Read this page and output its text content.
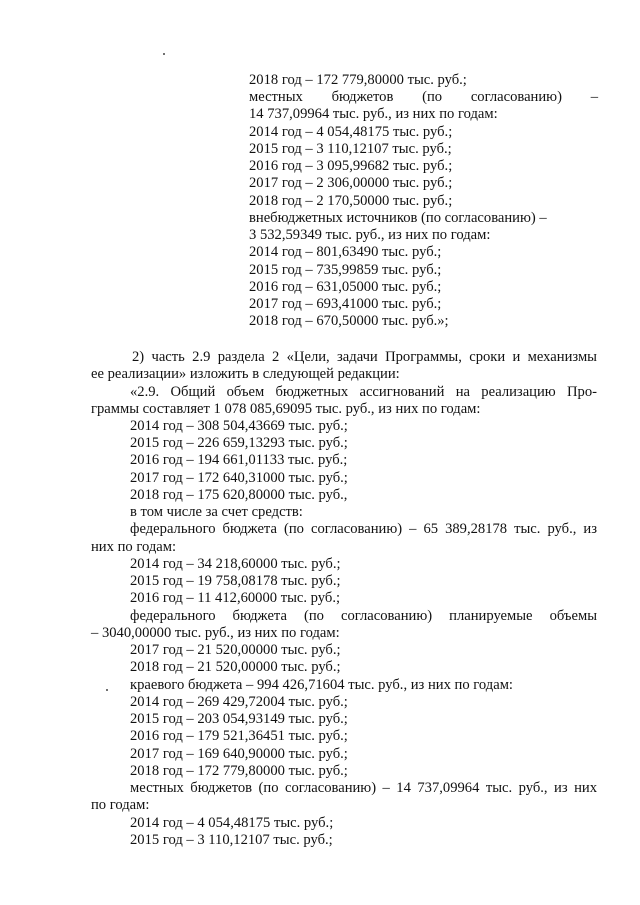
2018 год – 172 779,80000 тыс. руб.;
местных бюджетов (по согласованию) –
14 737,09964 тыс. руб., из них по годам:
2014 год – 4 054,48175 тыс. руб.;
2015 год – 3 110,12107 тыс. руб.;
2016 год – 3 095,99682 тыс. руб.;
2017 год – 2 306,00000 тыс. руб.;
2018 год – 2 170,50000 тыс. руб.;
внебюджетных источников (по согласованию) –
3 532,59349 тыс. руб., из них по годам:
2014 год – 801,63490 тыс. руб.;
2015 год – 735,99859 тыс. руб.;
2016 год – 631,05000 тыс. руб.;
2017 год – 693,41000 тыс. руб.;
2018 год – 670,50000 тыс. руб.»;
2) часть 2.9 раздела 2 «Цели, задачи Программы, сроки и механизмы
ее реализации» изложить в следующей редакции:
«2.9. Общий объем бюджетных ассигнований на реализацию Про-
граммы составляет 1 078 085,69095 тыс. руб., из них по годам:
2014 год – 308 504,43669 тыс. руб.;
2015 год – 226 659,13293 тыс. руб.;
2016 год – 194 661,01133 тыс. руб.;
2017 год – 172 640,31000 тыс. руб.;
2018 год – 175 620,80000 тыс. руб.,
в том числе за счет средств:
федерального бюджета (по согласованию) – 65 389,28178 тыс. руб., из
них по годам:
2014 год – 34 218,60000 тыс. руб.;
2015 год – 19 758,08178 тыс. руб.;
2016 год – 11 412,60000 тыс. руб.;
федерального бюджета (по согласованию) планируемые объемы
– 3040,00000 тыс. руб., из них по годам:
2017 год – 21 520,00000 тыс. руб.;
2018 год – 21 520,00000 тыс. руб.;
краевого бюджета – 994 426,71604 тыс. руб., из них по годам:
2014 год – 269 429,72004 тыс. руб.;
2015 год – 203 054,93149 тыс. руб.;
2016 год – 179 521,36451 тыс. руб.;
2017 год – 169 640,90000 тыс. руб.;
2018 год – 172 779,80000 тыс. руб.;
местных бюджетов (по согласованию) – 14 737,09964 тыс. руб., из них
по годам:
2014 год – 4 054,48175 тыс. руб.;
2015 год – 3 110,12107 тыс. руб.;
